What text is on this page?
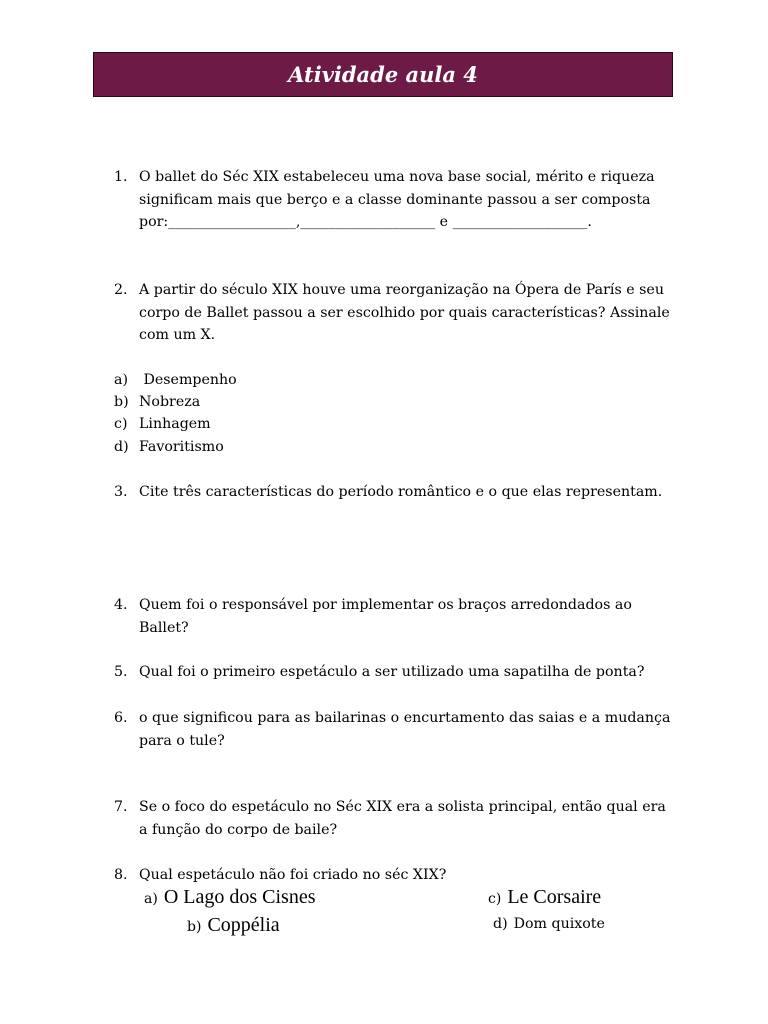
Atividade aula 4
1. O ballet do Séc XIX estabeleceu uma nova base social, mérito e riqueza significam mais que berço e a classe dominante passou a ser composta por:__________________,___________________ e ___________________.
2. A partir do século XIX houve uma reorganização na Ópera de París e seu corpo de Ballet passou a ser escolhido por quais características? Assinale com um X.
a) Desempenho
b) Nobreza
c) Linhagem
d) Favoritismo
3. Cite três características do período romântico e o que elas representam.
4. Quem foi o responsável por implementar os braços arredondados ao Ballet?
5. Qual foi o primeiro espetáculo a ser utilizado uma sapatilha de ponta?
6. o que significou para as bailarinas o encurtamento das saias e a mudança para o tule?
7. Se o foco do espetáculo no Séc XIX era a solista principal, então qual era a função do corpo de baile?
8. Qual espetáculo não foi criado no séc XIX?
a) O Lago dos Cisnes
b) Coppélia
c) Le Corsaire
d) Dom quixote
